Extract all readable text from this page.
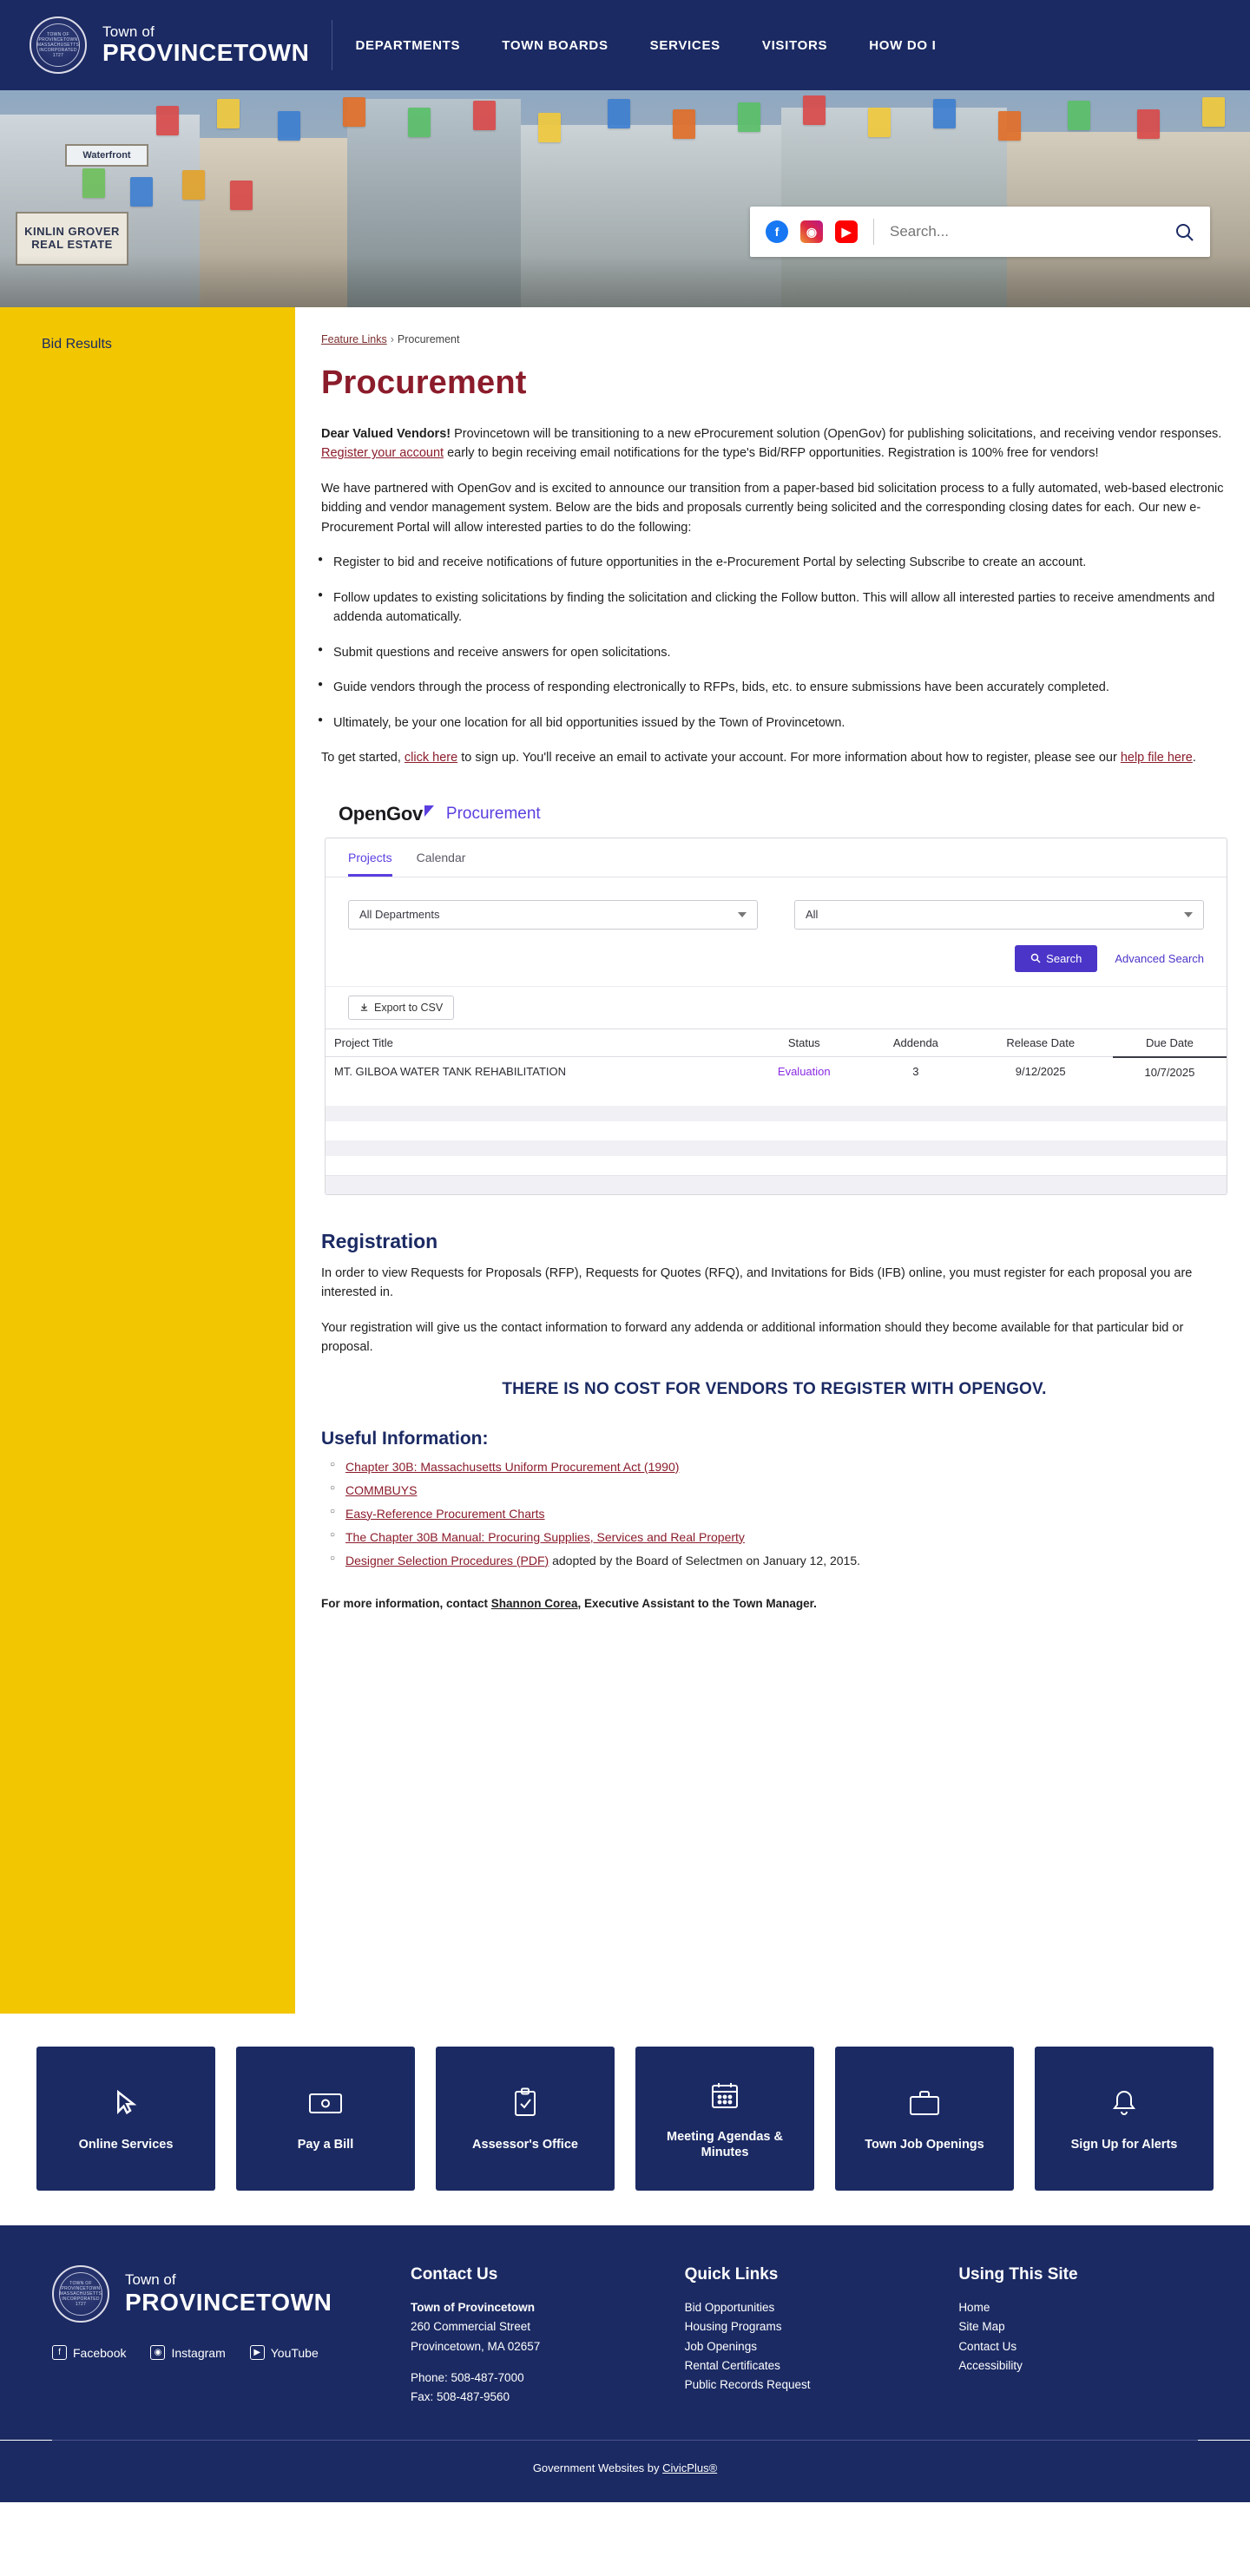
TOWN OF PROVINCETOWN MASSACHUSETTS INCORPORATED 1727
Town of
PROVINCETOWN	DEPARTMENTS	TOWN BOARDS	SERVICES	VISITORS	HOW DO I
Waterfront
KINLIN GROVER REAL ESTATE
f	◉	▶
Search...
Bid Results	Feature Links › Procurement
Procurement

Dear Valued Vendors! Provincetown will be transitioning to a new eProcurement solution (OpenGov) for publishing solicitations, and receiving vendor responses. Register your account early to begin receiving email notifications for the type's Bid/RFP opportunities. Registration is 100% free for vendors!

We have partnered with OpenGov and is excited to announce our transition from a paper-based bid solicitation process to a fully automated, web-based electronic bidding and vendor management system. Below are the bids and proposals currently being solicited and the corresponding closing dates for each. Our new e-Procurement Portal will allow interested parties to do the following:

● Register to bid and receive notifications of future opportunities in the e-Procurement Portal by selecting Subscribe to create an account.
● Follow updates to existing solicitations by finding the solicitation and clicking the Follow button. This will allow all interested parties to receive amendments and addenda automatically.
● Submit questions and receive answers for open solicitations.
● Guide vendors through the process of responding electronically to RFPs, bids, etc. to ensure submissions have been accurately completed.
● Ultimately, be your one location for all bid opportunities issued by the Town of Provincetown.

To get started, click here to sign up. You'll receive an email to activate your account. For more information about how to register, please see our help file here.

OpenGov	Procurement
Projects Calendar
All Departments	All
Search	Advanced Search
Export to CSV
Project Title	Status	Addenda	Release Date	Due Date
MT. GILBOA WATER TANK REHABILITATION	Evaluation	3	9/12/2025	10/7/2025

Registration

In order to view Requests for Proposals (RFP), Requests for Quotes (RFQ), and Invitations for Bids (IFB) online, you must register for each proposal you are interested in.

Your registration will give us the contact information to forward any addenda or additional information should they become available for that particular bid or proposal.

THERE IS NO COST FOR VENDORS TO REGISTER WITH OPENGOV.
Useful Information:
○ Chapter 30B: Massachusetts Uniform Procurement Act (1990)
○ COMMBUYS
○ Easy-Reference Procurement Charts
○ The Chapter 30B Manual: Procuring Supplies, Services and Real Property
○ Designer Selection Procedures (PDF) adopted by the Board of Selectmen on January 12, 2015.

For more information, contact Shannon Corea, Executive Assistant to the Town Manager.

Online Services	Pay a Bill	Assessor's Office
Meeting Agendas & Minutes
Town Job Openings	Sign Up for Alerts
TOWN OF PROVINCETOWN MASSACHUSETTS INCORPORATED 1727
Town of
PROVINCETOWN
f	Facebook	◉ Instagram	▶ YouTube
Contact Us

Town of Provincetown

260 Commercial Street

Provincetown, MA 02657

Phone: 508-487-7000

Fax: 508-487-9560

Quick Links
Bid Opportunities
Housing Programs
Job Openings
Rental Certificates
Public Records Request
Using This Site
Home
Site Map
Contact Us
Accessibility
Government Websites by CivicPlus®
